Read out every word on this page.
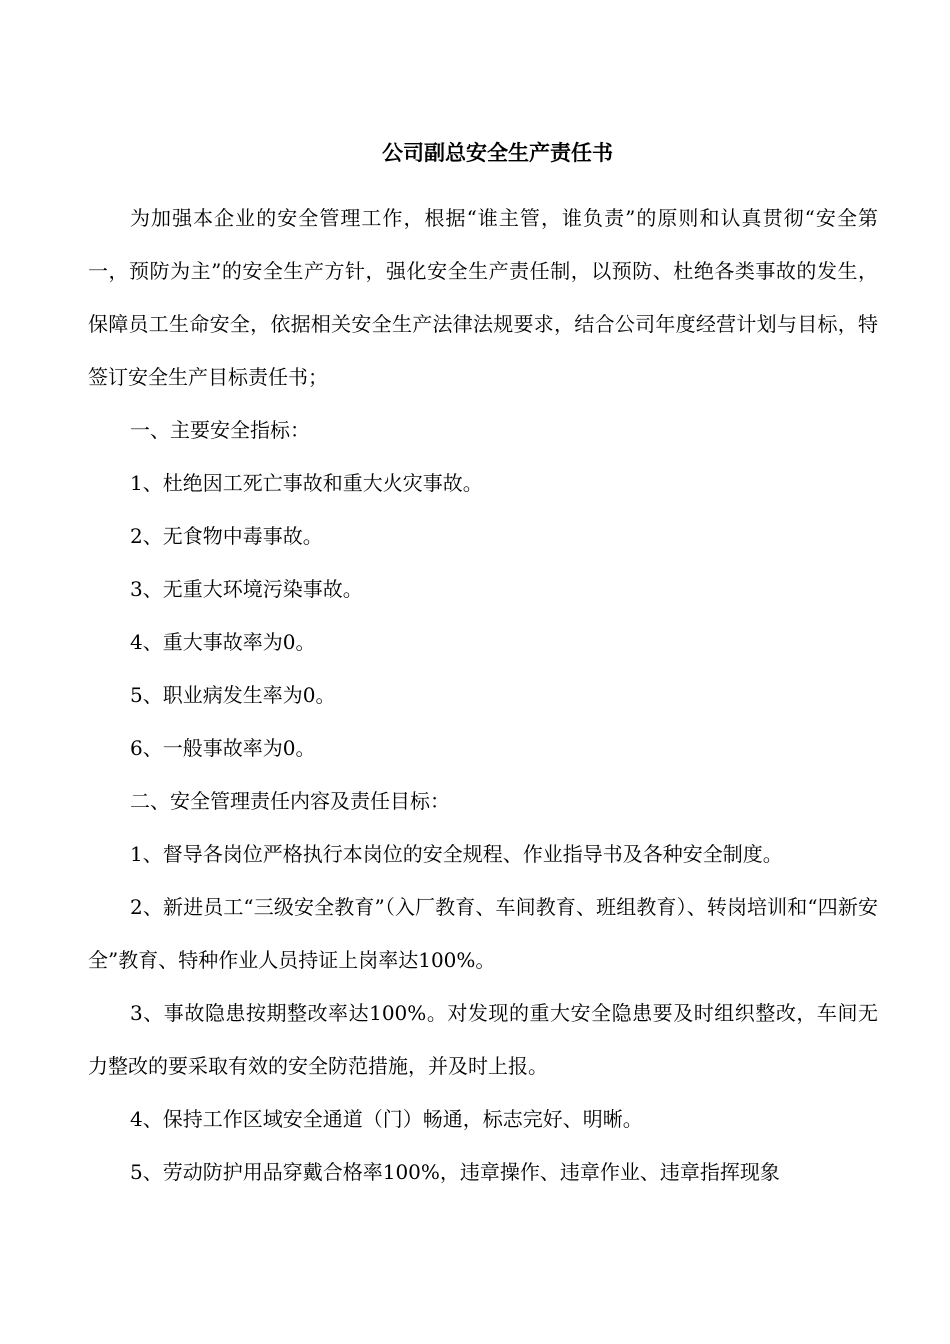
公司副总安全生产责任书

为加强本企业的安全管理工作，根据“谁主管，谁负责”的原则和认真贯彻“安全第一，预防为主”的安全生产方针，强化安全生产责任制，以预防、杜绝各类事故的发生，保障员工生命安全，依据相关安全生产法律法规要求，结合公司年度经营计划与目标，特签订安全生产目标责任书；

一、主要安全指标：

1、杜绝因工死亡事故和重大火灾事故。

2、无食物中毒事故。

3、无重大环境污染事故。

4、重大事故率为0。

5、职业病发生率为0。

6、一般事故率为0。

二、安全管理责任内容及责任目标：

1、督导各岗位严格执行本岗位的安全规程、作业指导书及各种安全制度。

2、新进员工“三级安全教育”（入厂教育、车间教育、班组教育）、转岗培训和“四新安全”教育、特种作业人员持证上岗率达100%。

3、事故隐患按期整改率达100%。对发现的重大安全隐患要及时组织整改，车间无力整改的要采取有效的安全防范措施，并及时上报。

4、保持工作区域安全通道（门）畅通，标志完好、明晰。

5、劳动防护用品穿戴合格率100%，违章操作、违章作业、违章指挥现象
